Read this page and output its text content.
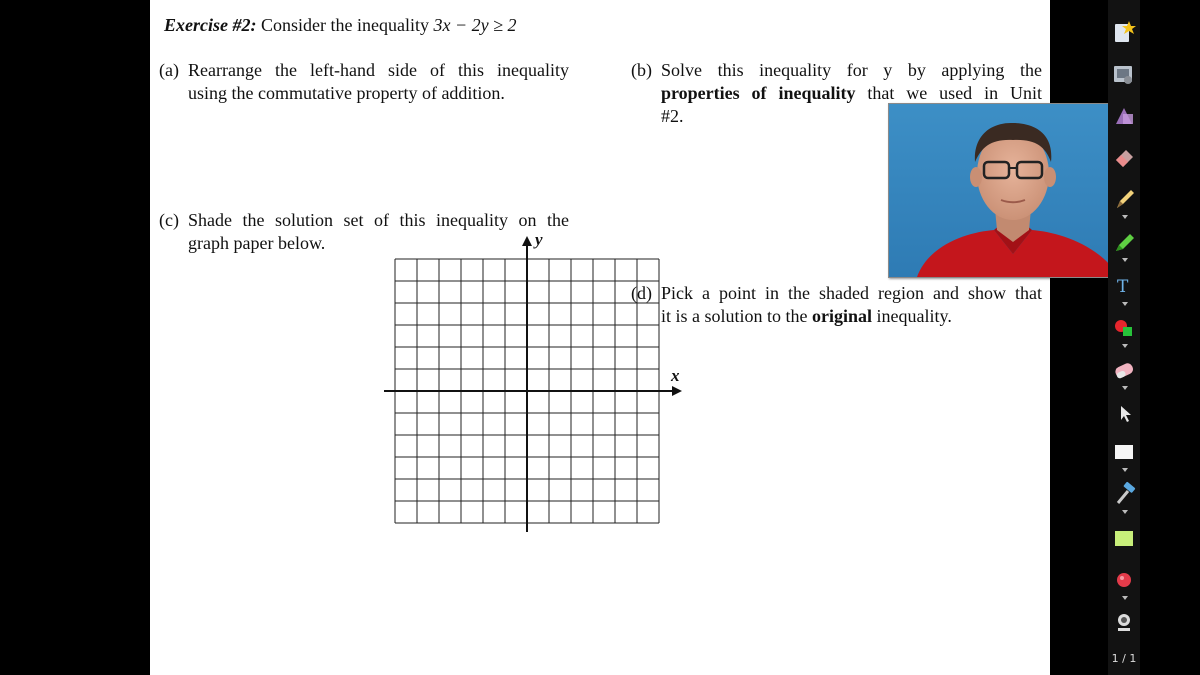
Exercise #2: Consider the inequality 3x − 2y ≥ 2
(a) Rearrange the left-hand side of this inequality
using the commutative property of addition.
(b) Solve this inequality for y by applying the
properties of inequality that we used in Unit
#2.
(c) Shade the solution set of this inequality on the
graph paper below.
(d) Pick a point in the shaded region and show that
it is a solution to the original inequality.
x
y
T
1 / 1
